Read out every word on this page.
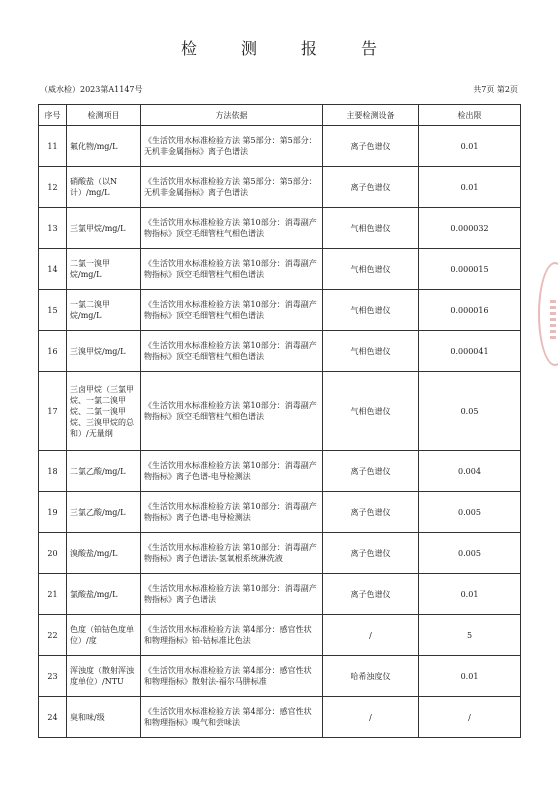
检测报告
（威水检）2023第A1147号	共7页 第2页
序号	检测项目	方法依据	主要检测设备	检出限
11	氟化物/mg/L	《生活饮用水标准检验方法 第5部分：第5部分：无机非金属指标》离子色谱法	离子色谱仪	0.01
12	硝酸盐（以N计）/mg/L	《生活饮用水标准检验方法 第5部分：第5部分：无机非金属指标》离子色谱法	离子色谱仪	0.01
13	三氯甲烷/mg/L	《生活饮用水标准检验方法 第10部分：消毒副产物指标》顶空毛细管柱气相色谱法	气相色谱仪	0.000032
14	二氯一溴甲烷/mg/L	《生活饮用水标准检验方法 第10部分：消毒副产物指标》顶空毛细管柱气相色谱法	气相色谱仪	0.000015
15	一氯二溴甲烷/mg/L	《生活饮用水标准检验方法 第10部分：消毒副产物指标》顶空毛细管柱气相色谱法	气相色谱仪	0.000016
16	三溴甲烷/mg/L	《生活饮用水标准检验方法 第10部分：消毒副产物指标》顶空毛细管柱气相色谱法	气相色谱仪	0.000041
17	三卤甲烷（三氯甲烷、一氯二溴甲烷、二氯一溴甲烷、三溴甲烷的总和）/无量纲	《生活饮用水标准检验方法 第10部分：消毒副产物指标》顶空毛细管柱气相色谱法	气相色谱仪	0.05
18	二氯乙酸/mg/L	《生活饮用水标准检验方法 第10部分：消毒副产物指标》离子色谱-电导检测法	离子色谱仪	0.004
19	三氯乙酸/mg/L	《生活饮用水标准检验方法 第10部分：消毒副产物指标》离子色谱-电导检测法	离子色谱仪	0.005
20	溴酸盐/mg/L	《生活饮用水标准检验方法 第10部分：消毒副产物指标》离子色谱法-氢氧根系统淋洗液	离子色谱仪	0.005
21	氯酸盐/mg/L	《生活饮用水标准检验方法 第10部分：消毒副产物指标》离子色谱法	离子色谱仪	0.01
22	色度（铂钴色度单位）/度	《生活饮用水标准检验方法 第4部分：感官性状和物理指标》铂-钴标准比色法	/	5
23	浑浊度（散射浑浊度单位）/NTU	《生活饮用水标准检验方法 第4部分：感官性状和物理指标》散射法-福尔马肼标准	哈希浊度仪	0.01
24	臭和味/级	《生活饮用水标准检验方法 第4部分：感官性状和物理指标》嗅气和尝味法	/	/
